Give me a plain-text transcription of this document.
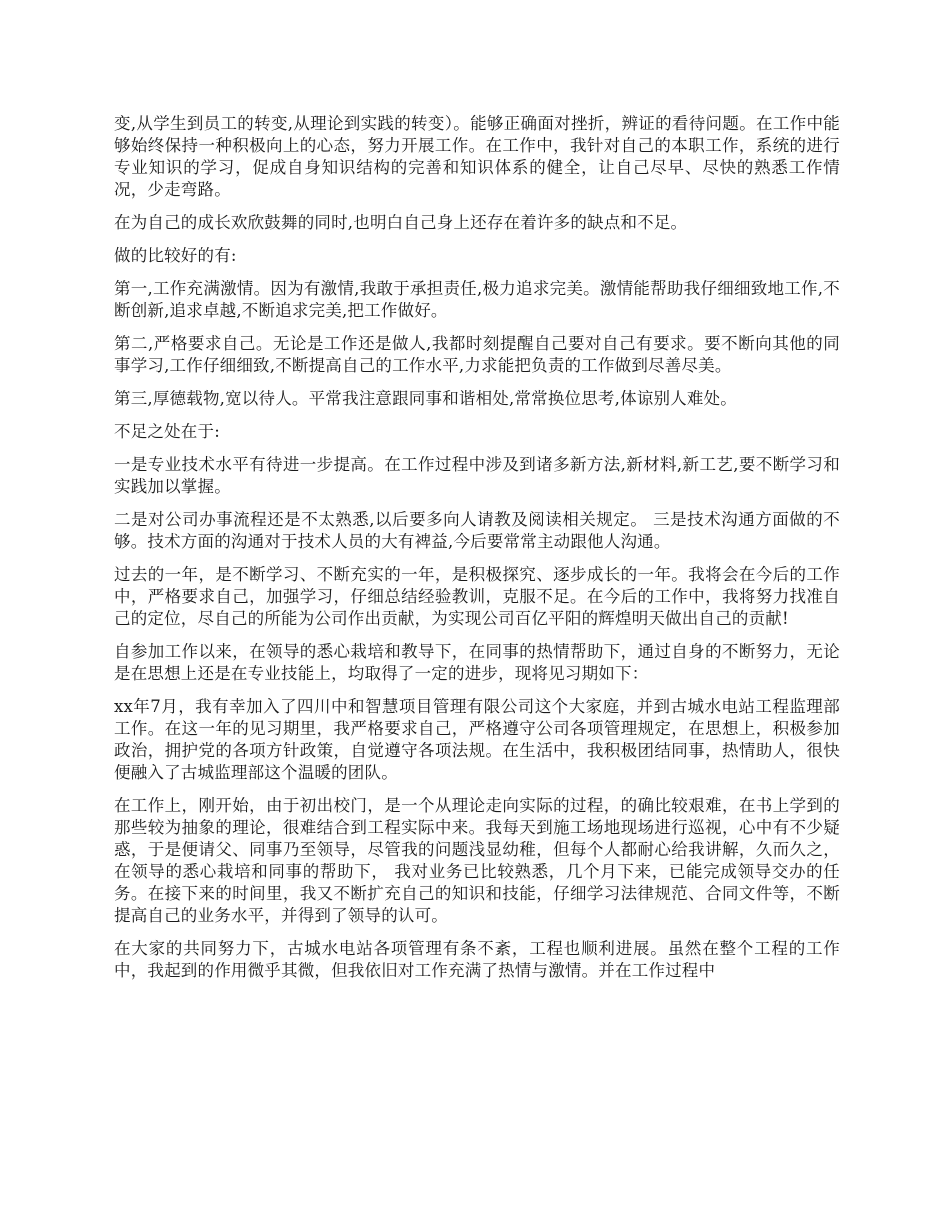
变,从学生到员工的转变,从理论到实践的转变）。能够正确面对挫折，辨证的看待问题。在工作中能够始终保持一种积极向上的心态，努力开展工作。在工作中，我针对自己的本职工作，系统的进行专业知识的学习，促成自身知识结构的完善和知识体系的健全，让自己尽早、尽快的熟悉工作情况，少走弯路。

在为自己的成长欢欣鼓舞的同时,也明白自己身上还存在着许多的缺点和不足。

做的比较好的有:

第一,工作充满激情。因为有激情,我敢于承担责任,极力追求完美。激情能帮助我仔细细致地工作,不断创新,追求卓越,不断追求完美,把工作做好。

第二,严格要求自己。无论是工作还是做人,我都时刻提醒自己要对自己有要求。要不断向其他的同事学习,工作仔细细致,不断提高自己的工作水平,力求能把负责的工作做到尽善尽美。

第三,厚德载物,宽以待人。平常我注意跟同事和谐相处,常常换位思考,体谅别人难处。

不足之处在于:

一是专业技术水平有待进一步提高。在工作过程中涉及到诸多新方法,新材料,新工艺,要不断学习和实践加以掌握。

二是对公司办事流程还是不太熟悉,以后要多向人请教及阅读相关规定。 三是技术沟通方面做的不够。技术方面的沟通对于技术人员的大有裨益,今后要常常主动跟他人沟通。

过去的一年，是不断学习、不断充实的一年，是积极探究、逐步成长的一年。我将会在今后的工作中，严格要求自己，加强学习，仔细总结经验教训，克服不足。在今后的工作中，我将努力找准自己的定位，尽自己的所能为公司作出贡献，为实现公司百亿平阳的辉煌明天做出自己的贡献!

自参加工作以来，在领导的悉心栽培和教导下，在同事的热情帮助下，通过自身的不断努力，无论是在思想上还是在专业技能上，均取得了一定的进步，现将见习期如下：

xx年7月，我有幸加入了四川中和智慧项目管理有限公司这个大家庭，并到古城水电站工程监理部工作。在这一年的见习期里，我严格要求自己，严格遵守公司各项管理规定，在思想上，积极参加政治，拥护党的各项方针政策，自觉遵守各项法规。在生活中，我积极团结同事，热情助人，很快便融入了古城监理部这个温暖的团队。

在工作上，刚开始，由于初出校门，是一个从理论走向实际的过程，的确比较艰难，在书上学到的那些较为抽象的理论，很难结合到工程实际中来。我每天到施工场地现场进行巡视，心中有不少疑惑，于是便请父、同事乃至领导，尽管我的问题浅显幼稚，但每个人都耐心给我讲解，久而久之，在领导的悉心栽培和同事的帮助下， 我对业务已比较熟悉，几个月下来，已能完成领导交办的任务。在接下来的时间里，我又不断扩充自己的知识和技能，仔细学习法律规范、合同文件等，不断提高自己的业务水平，并得到了领导的认可。

在大家的共同努力下，古城水电站各项管理有条不紊，工程也顺利进展。虽然在整个工程的工作中，我起到的作用微乎其微，但我依旧对工作充满了热情与激情。并在工作过程中
